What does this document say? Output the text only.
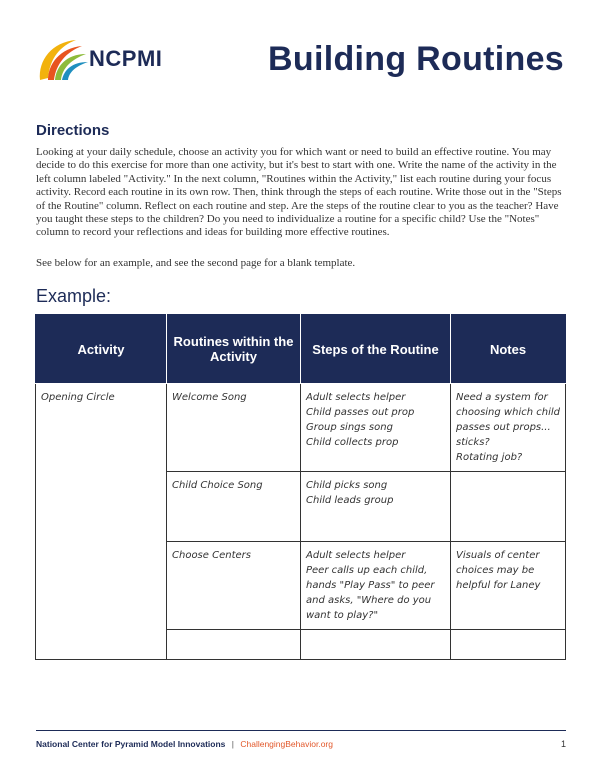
NCPMI	Building Routines
Directions

Looking at your daily schedule, choose an activity you for which want or need to build an effective routine. You may decide to do this exercise for more than one activity, but it's best to start with one. Write the name of the activity in the left column labeled "Activity." In the next column, "Routines within the Activity," list each routine during your focus activity. Record each routine in its own row. Then, think through the steps of each routine. Write those out in the "Steps of the Routine" column. Reflect on each routine and step. Are the steps of the routine clear to you as the teacher? Have you taught these steps to the children? Do you need to individualize a routine for a specific child? Use the "Notes" column to record your reflections and ideas for building more effective routines.

See below for an example, and see the second page for a blank template.

Example:
Activity	Routines within the Activity	Steps of the Routine	Notes

Opening Circle	Welcome Song	Adult selects helper
Child passes out prop
Group sings song
Child collects prop	Need a system for choosing which child passes out props... sticks?
Rotating job?

	Child Choice Song	Child picks song
Child leads group	

	Choose Centers	Adult selects helper
Peer calls up each child, hands "Play Pass" to peer and asks, "Where do you want to play?"	Visuals of center choices may be helpful for Laney

National Center for Pyramid Model Innovations | ChallengingBehavior.org	1
